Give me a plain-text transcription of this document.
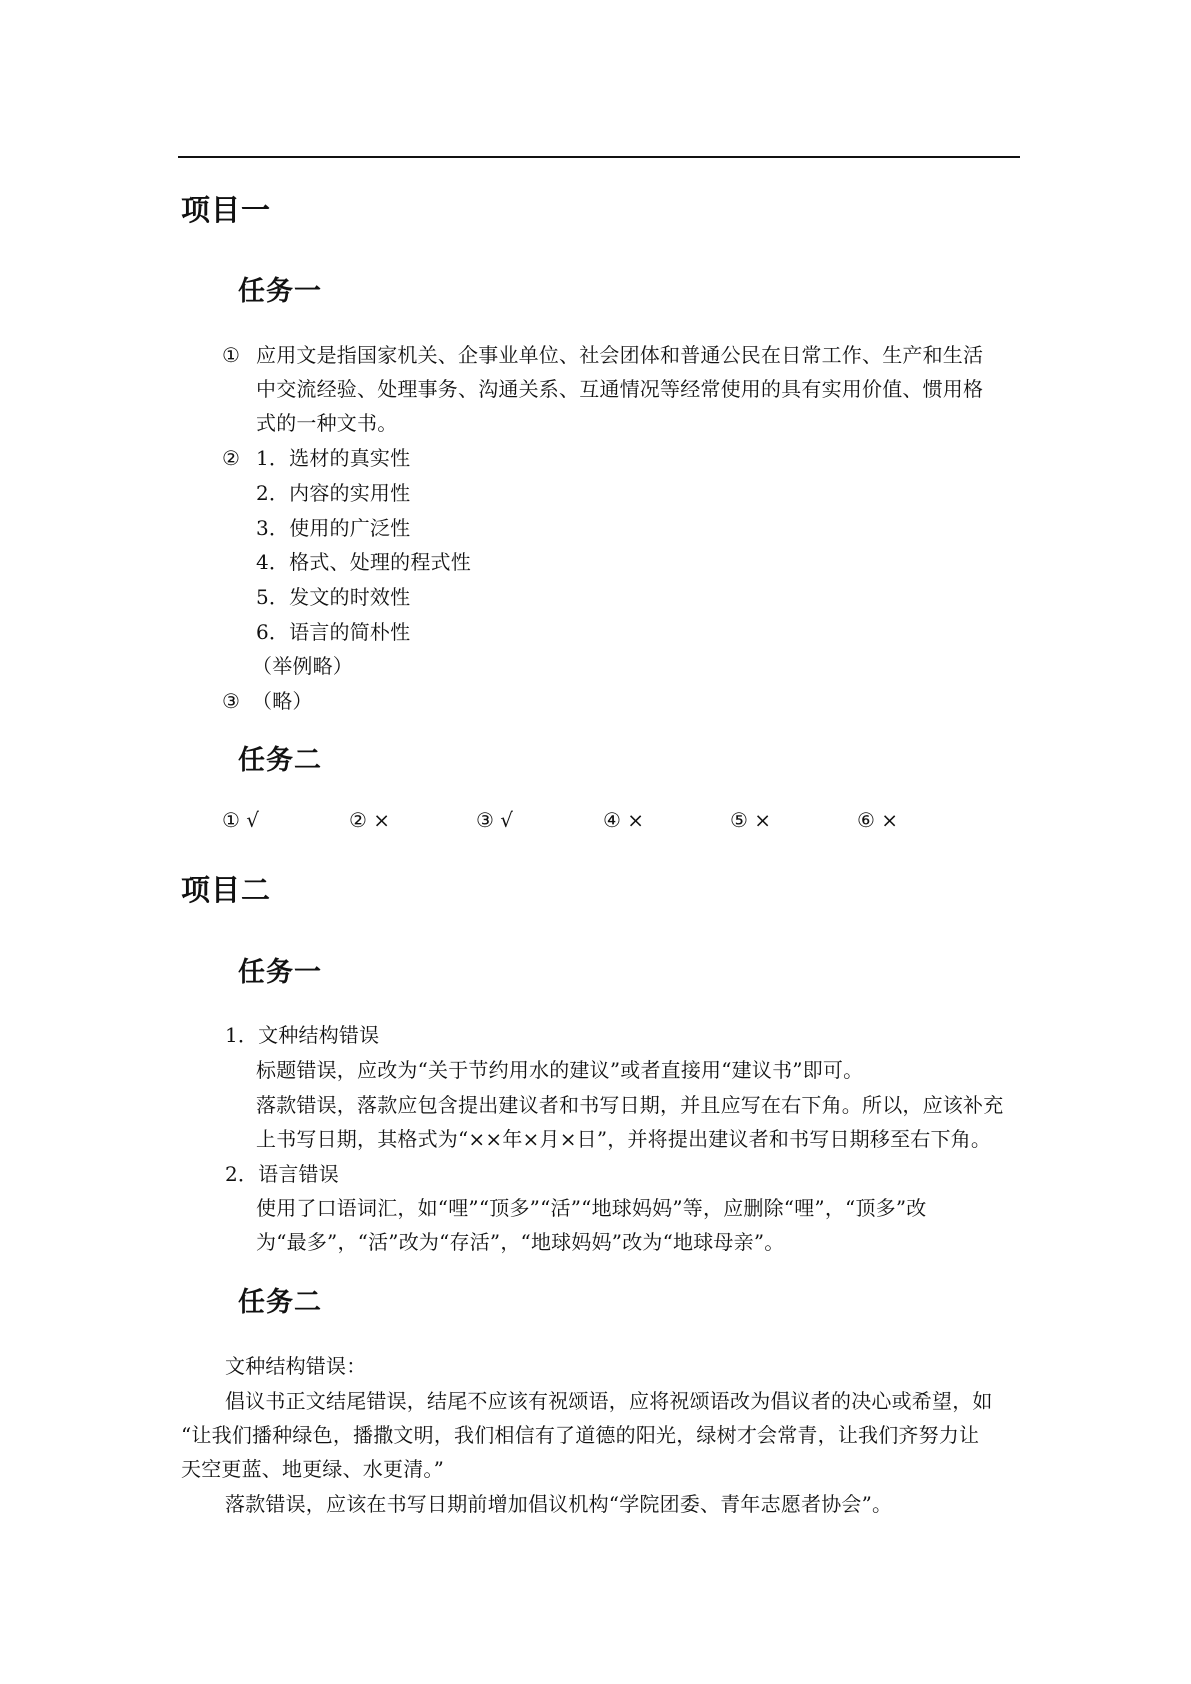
项目一
任务一
① 应用文是指国家机关、企事业单位、社会团体和普通公民在日常工作、生产和生活
中交流经验、处理事务、沟通关系、互通情况等经常使用的具有实用价值、惯用格
式的一种文书。
② 1．选材的真实性
2．内容的实用性
3．使用的广泛性
4．格式、处理的程式性
5．发文的时效性
6．语言的简朴性
（举例略）
③ （略）
任务二
① √	② ×	③ √	④ ×	⑤ ×	⑥ ×
项目二
任务一
1．文种结构错误
标题错误，应改为“关于节约用水的建议”或者直接用“建议书”即可。
落款错误，落款应包含提出建议者和书写日期，并且应写在右下角。所以，应该补充
上书写日期，其格式为“××年×月×日”，并将提出建议者和书写日期移至右下角。
2．语言错误
使用了口语词汇，如“哩”“顶多”“活”“地球妈妈”等，应删除“哩”，“顶多”改
为“最多”，“活”改为“存活”，“地球妈妈”改为“地球母亲”。
任务二
文种结构错误：
倡议书正文结尾错误，结尾不应该有祝颂语，应将祝颂语改为倡议者的决心或希望，如
“让我们播种绿色，播撒文明，我们相信有了道德的阳光，绿树才会常青，让我们齐努力让
天空更蓝、地更绿、水更清。”
落款错误，应该在书写日期前增加倡议机构“学院团委、青年志愿者协会”。
